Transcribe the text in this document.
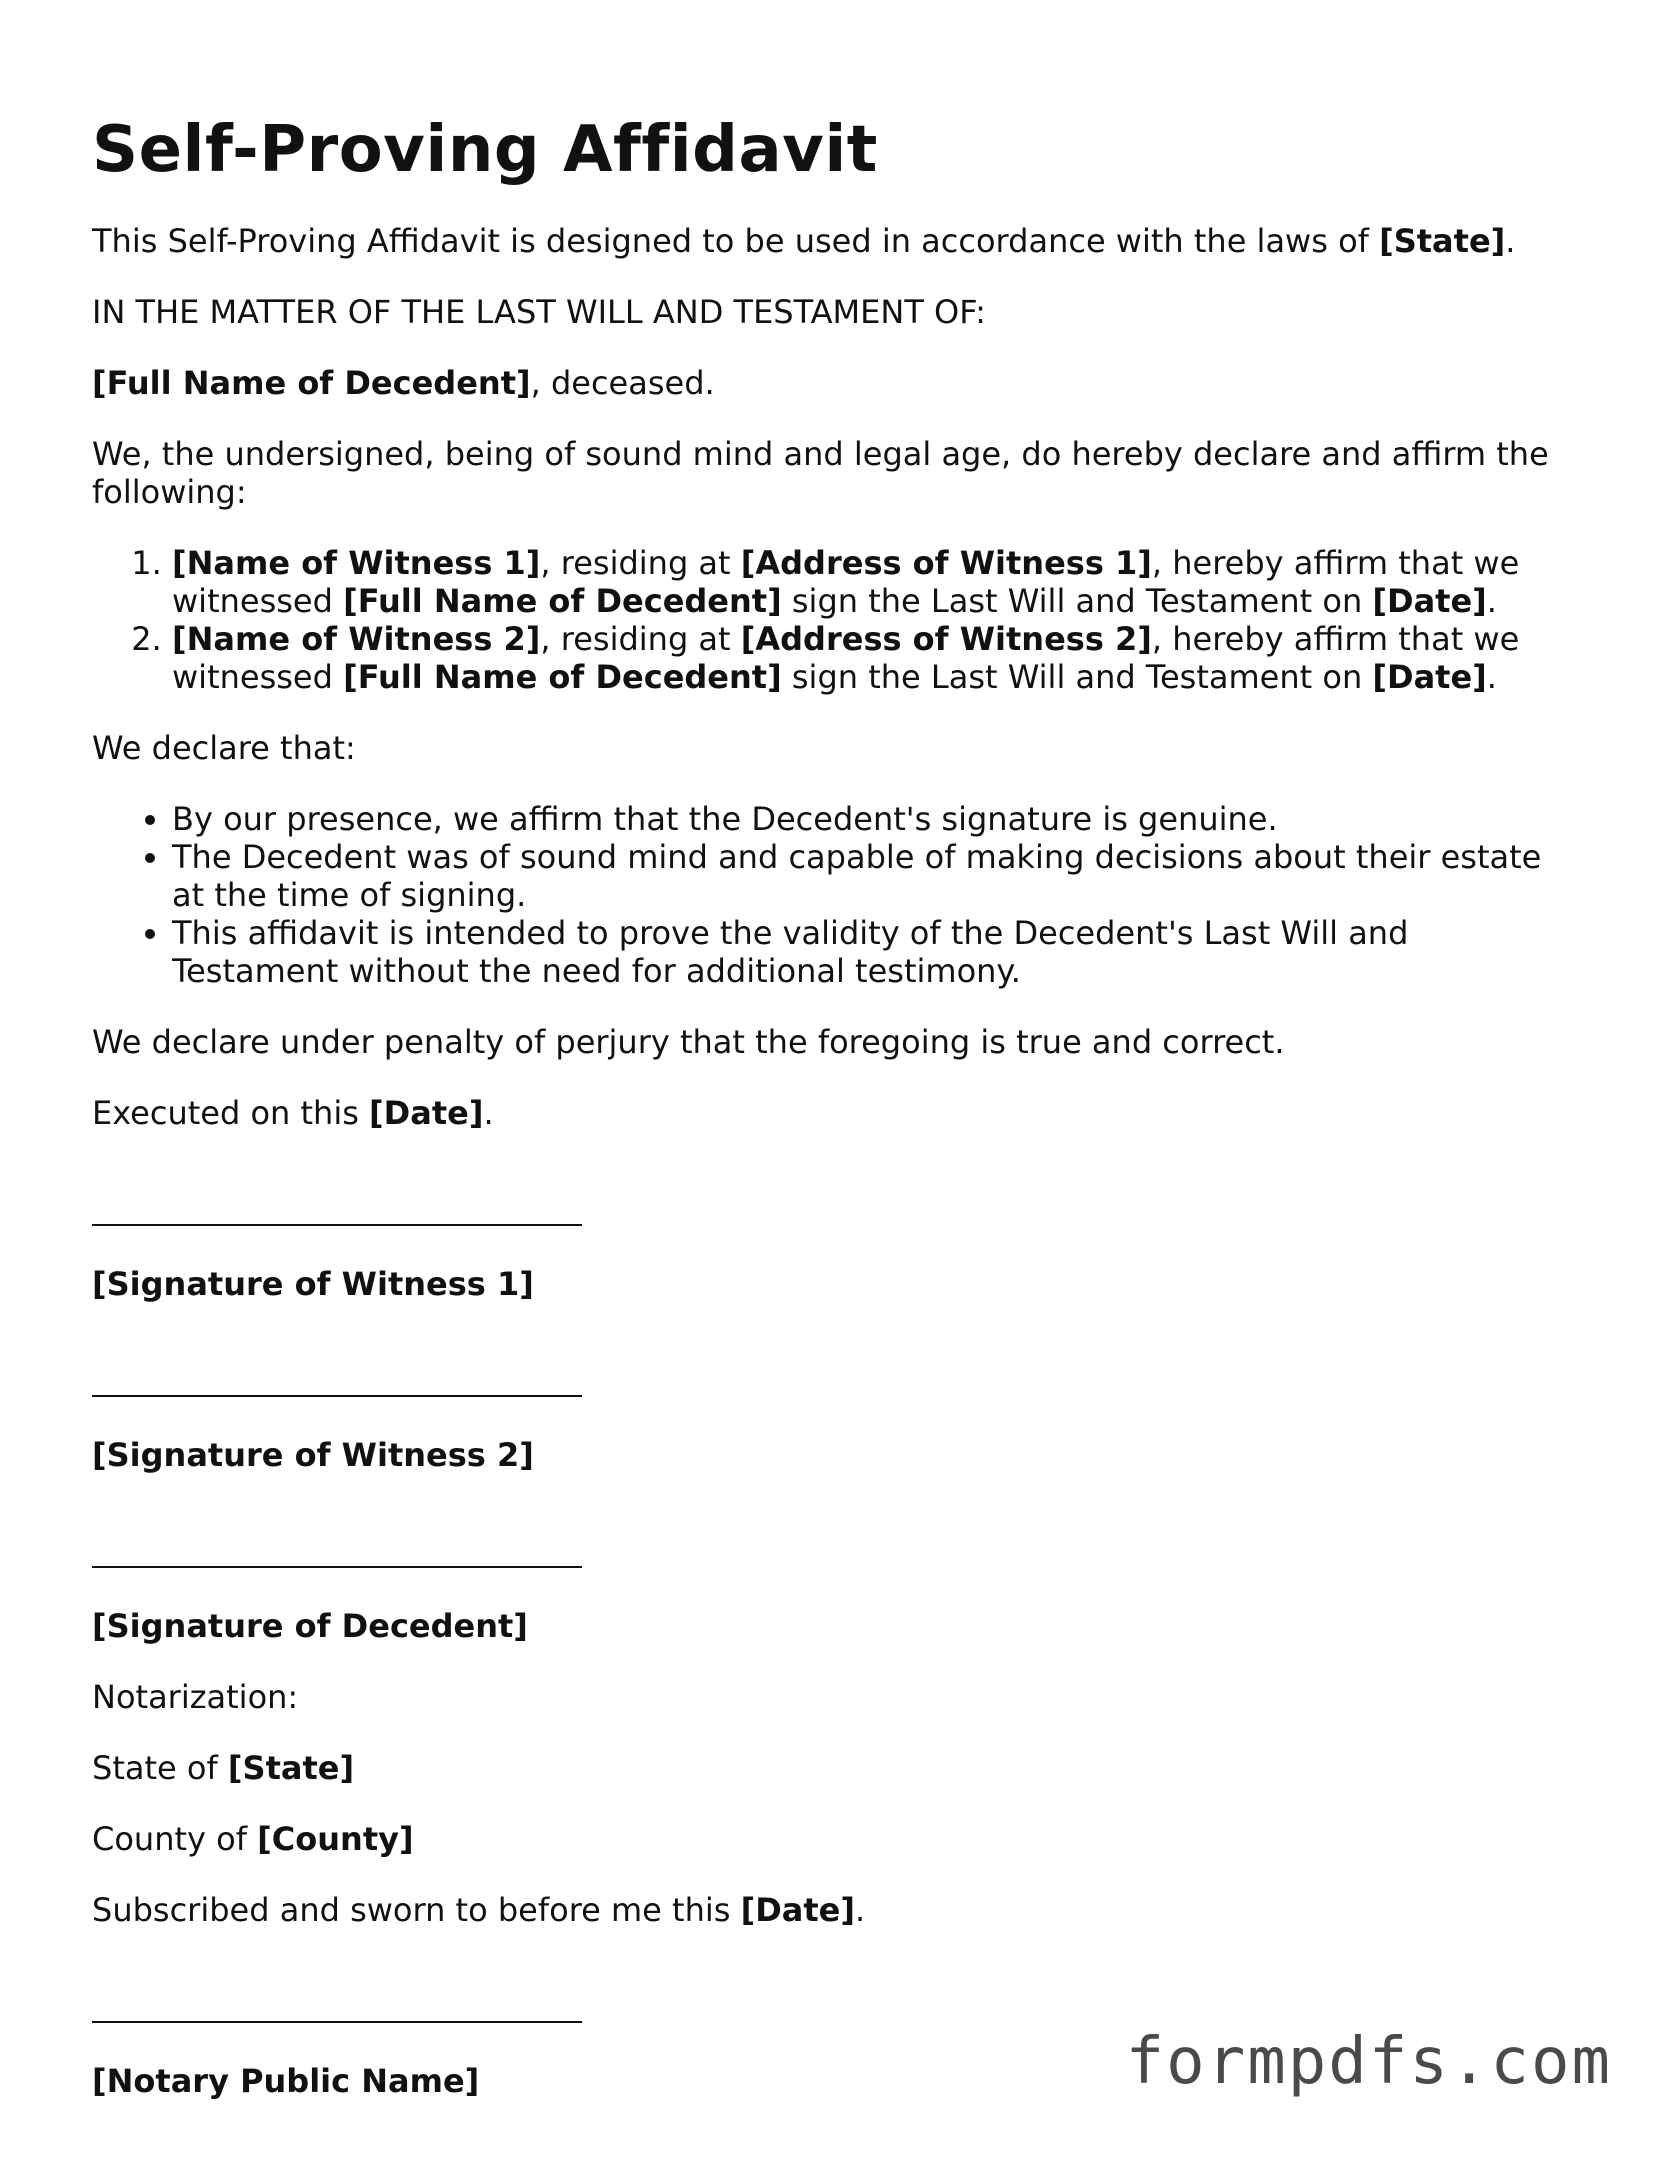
Self-Proving Affidavit

This Self-Proving Affidavit is designed to be used in accordance with the laws of [State].

IN THE MATTER OF THE LAST WILL AND TESTAMENT OF:

[Full Name of Decedent], deceased.

We, the undersigned, being of sound mind and legal age, do hereby declare and affirm the following:

1. [Name of Witness 1], residing at [Address of Witness 1], hereby affirm that we witnessed [Full Name of Decedent] sign the Last Will and Testament on [Date].
2. [Name of Witness 2], residing at [Address of Witness 2], hereby affirm that we witnessed [Full Name of Decedent] sign the Last Will and Testament on [Date].

We declare that:

• By our presence, we affirm that the Decedent's signature is genuine.
• The Decedent was of sound mind and capable of making decisions about their estate at the time of signing.
• This affidavit is intended to prove the validity of the Decedent's Last Will and Testament without the need for additional testimony.

We declare under penalty of perjury that the foregoing is true and correct.

Executed on this [Date].

[Signature of Witness 1]

[Signature of Witness 2]

[Signature of Decedent]

Notarization:

State of [State]

County of [County]

Subscribed and sworn to before me this [Date].

[Notary Public Name]	formpdfs.com
